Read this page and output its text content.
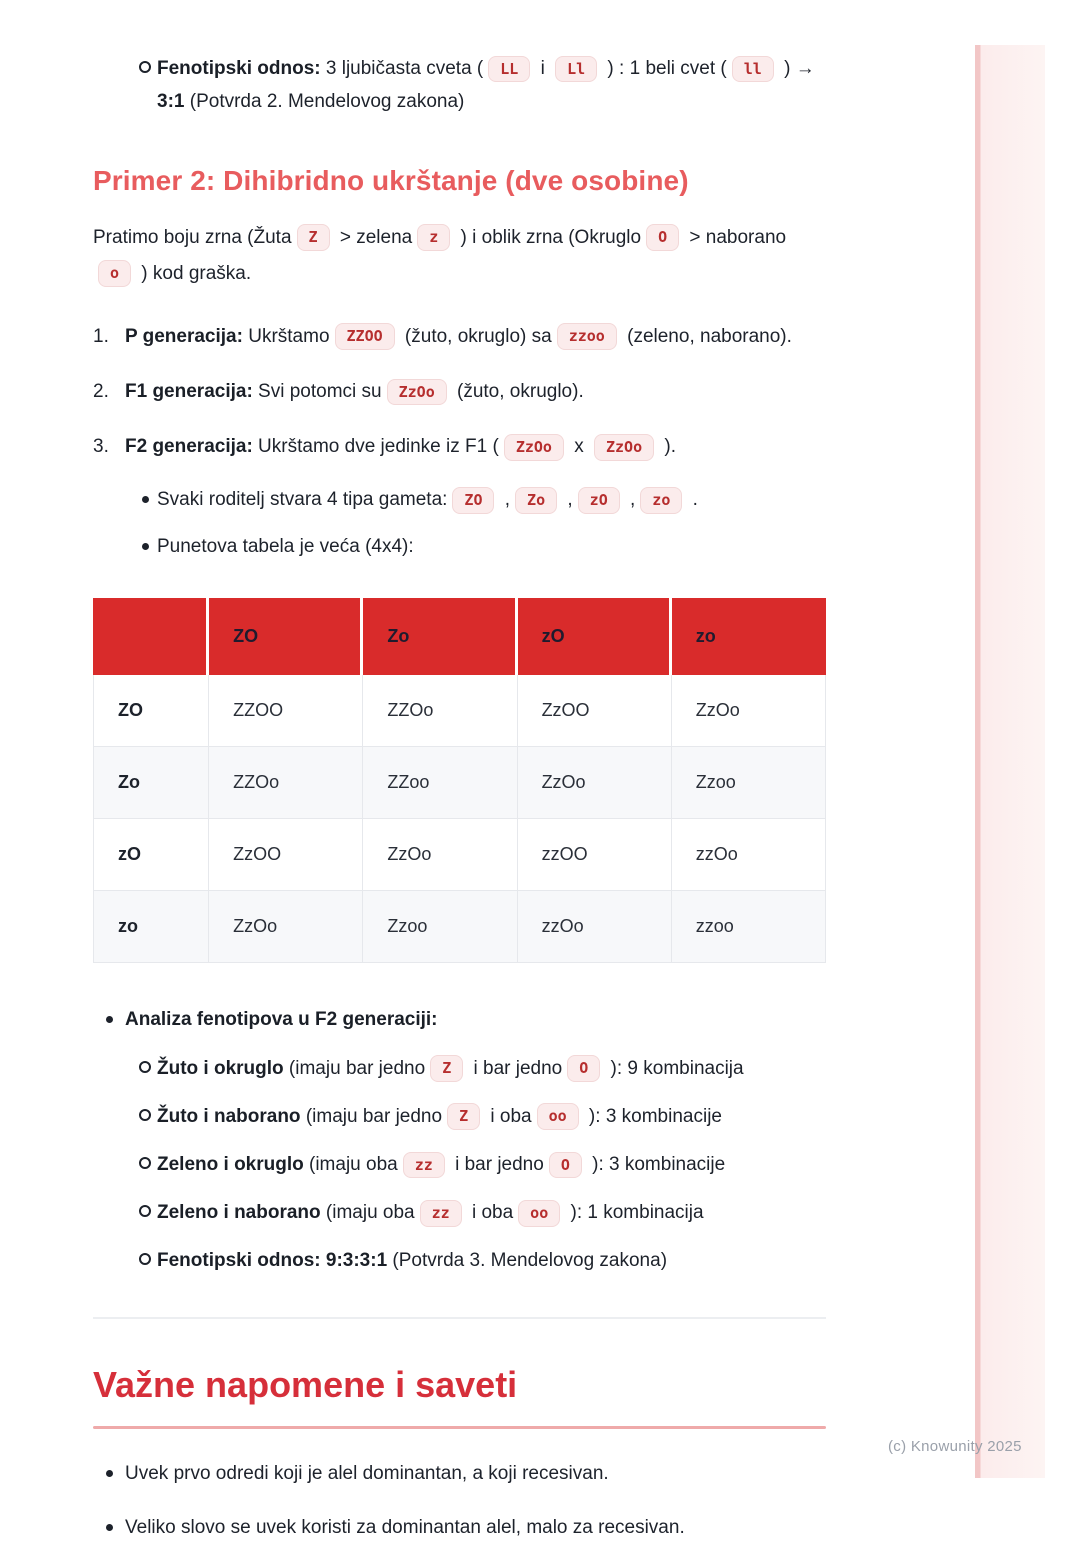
(c) Knowunity 2025
Fenotipski odnos: 3 ljubičasta cveta ( LL i Ll ) : 1 beli cvet ( ll ) →
3:1 (Potvrda 2. Mendelovog zakona)
Primer 2: Dihibridno ukrštanje (dve osobine)

Pratimo boju zrna (Žuta Z > zelena z ) i oblik zrna (Okruglo O > naboranoo ) kod graška.

1. P generacija: Ukrštamo ZZOO (žuto, okruglo) sa zzoo (zeleno, naborano).
2. F1 generacija: Svi potomci su ZzOo (žuto, okruglo).
3. F2 generacija: Ukrštamo dve jedinke iz F1 ( ZzOo x ZzOo ).
Svaki roditelj stvara 4 tipa gameta: ZO , Zo , zO , zo .
Punetova tabela je veća (4x4):
	ZO	Zo	zO	zo
ZO	ZZOO	ZZOo	ZzOO	ZzOo
Zo	ZZOo	ZZoo	ZzOo	Zzoo
zO	ZzOO	ZzOo	zzOO	zzOo
zo	ZzOo	Zzoo	zzOo	zzoo
Analiza fenotipova u F2 generaciji:
Žuto i okruglo (imaju bar jedno Z i bar jedno O ): 9 kombinacija
Žuto i naborano (imaju bar jedno Z i oba oo ): 3 kombinacije
Zeleno i okruglo (imaju oba zz i bar jedno O ): 3 kombinacije
Zeleno i naborano (imaju oba zz i oba oo ): 1 kombinacija
Fenotipski odnos: 9:3:3:1 (Potvrda 3. Mendelovog zakona)
Važne napomene i saveti
Uvek prvo odredi koji je alel dominantan, a koji recesivan.
Veliko slovo se uvek koristi za dominantan alel, malo za recesivan.
